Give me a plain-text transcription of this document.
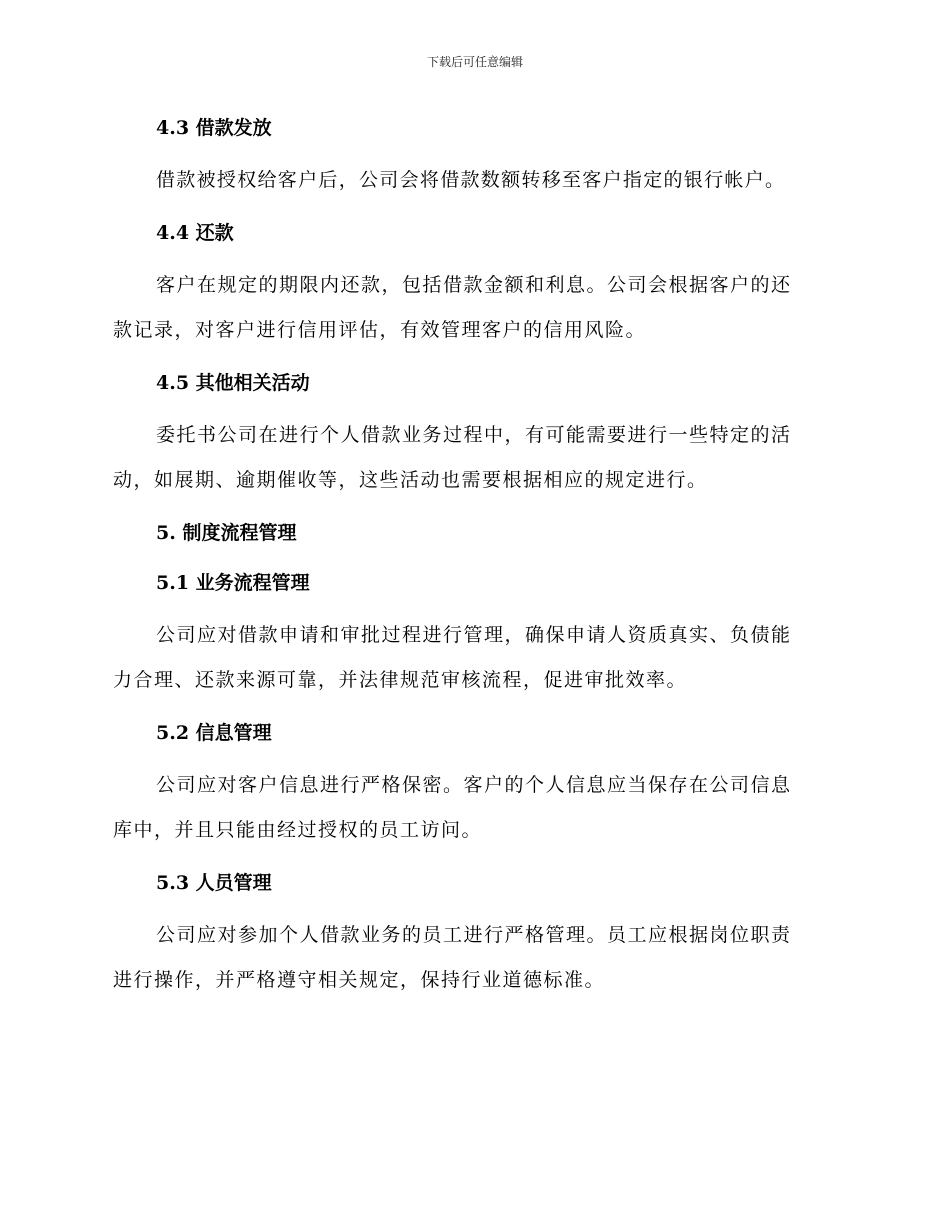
下载后可任意编辑
4.3 借款发放

借款被授权给客户后，公司会将借款数额转移至客户指定的银行帐户。

4.4 还款

客户在规定的期限内还款，包括借款金额和利息。公司会根据客户的还
款记录，对客户进行信用评估，有效管理客户的信用风险。

4.5 其他相关活动

委托书公司在进行个人借款业务过程中，有可能需要进行一些特定的活
动，如展期、逾期催收等，这些活动也需要根据相应的规定进行。

5. 制度流程管理
5.1 业务流程管理

公司应对借款申请和审批过程进行管理，确保申请人资质真实、负债能
力合理、还款来源可靠，并法律规范审核流程，促进审批效率。

5.2 信息管理

公司应对客户信息进行严格保密。客户的个人信息应当保存在公司信息
库中，并且只能由经过授权的员工访问。

5.3 人员管理

公司应对参加个人借款业务的员工进行严格管理。员工应根据岗位职责
进行操作，并严格遵守相关规定，保持行业道德标准。
